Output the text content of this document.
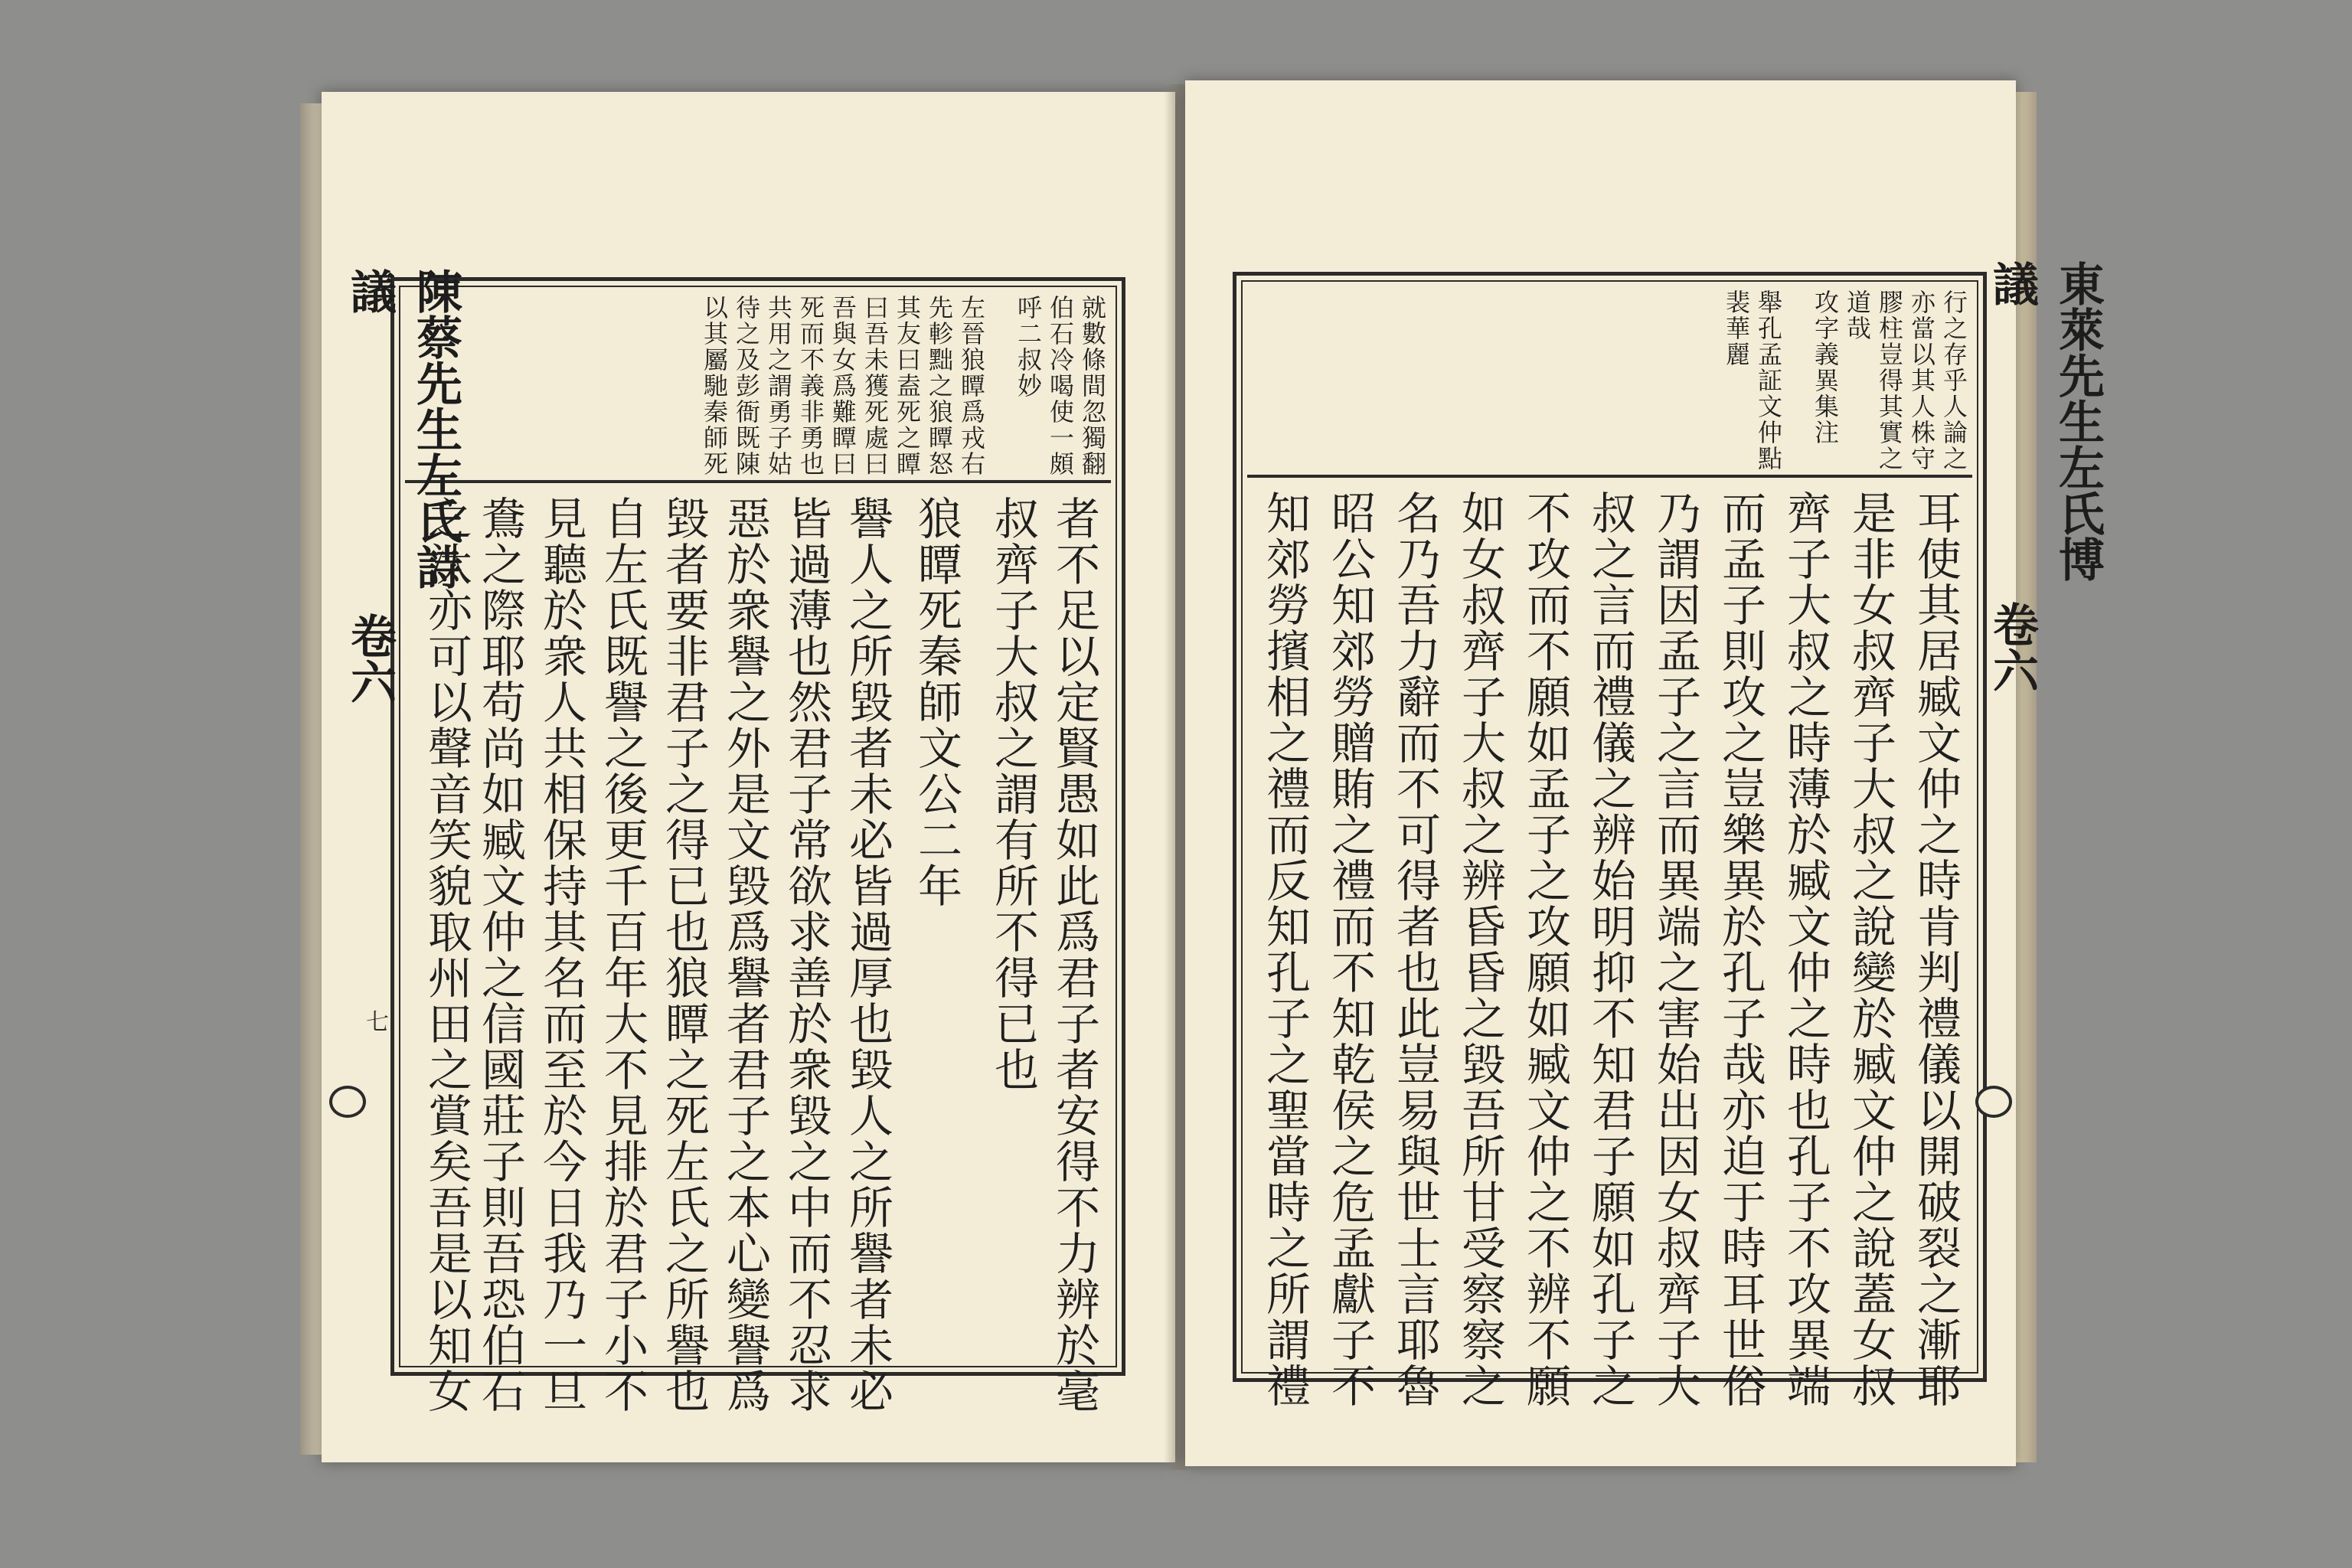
就數條間忽獨翻
伯石冷喝使一頗
呼二叔妙
左晉狼瞫爲戎右
先軫黜之狼瞫怒
其友曰盍死之瞫
曰吾未獲死處曰
吾與女爲難瞫曰
死而不義非勇也
共用之謂勇子姑
待之及彭衙既陳
以其屬馳秦師死
叔齊子大叔之謂有所不得已也
狼瞫死秦師文公二年
譽人之所毀者未必皆過厚也毀人之所譽者未必
皆過薄也然君子常欲求善於衆毀之中而不忍求
惡於衆譽之外是文毀爲譽者君子之本心變譽爲
毀者要非君子之得已也狼瞫之死左氏之所譽也
自左氏既譽之後更千百年大不見排於君子小不
見聽於衆人共相保持其名而至於今日我乃一旦
鴦之際耶苟尚如臧文仲之信國莊子則吾恐伯石
之汰亦可以聲音笑貌取州田之賞矣吾是以知女	者不足以定賢愚如此爲君子者安得不力辨於毫
陳蔡先生左氏詩議
卷六
七
行之存乎人論之
亦當以其人株守
膠柱豈得其實之
道哉
攻字義異集注
舉孔孟証文仲點
裴華麗
耳使其居臧文仲之時肯判禮儀以開破裂之漸耶
是非女叔齊子大叔之說變於臧文仲之說蓋女叔
齊子大叔之時薄於臧文仲之時也孔子不攻異端
而孟子則攻之豈樂異於孔子哉亦迫于時耳世俗
乃謂因孟子之言而異端之害始出因女叔齊子大
叔之言而禮儀之辨始明抑不知君子願如孔子之
不攻而不願如孟子之攻願如臧文仲之不辨不願
如女叔齊子大叔之辨昏昏之毀吾所甘受察察之
名乃吾力辭而不可得者也此豈易與世士言耶魯
昭公知郊勞贈賄之禮而不知乾侯之危孟獻子不
知郊勞擯相之禮而反知孔子之聖當時之所謂禮
東萊先生左氏博議
卷六
